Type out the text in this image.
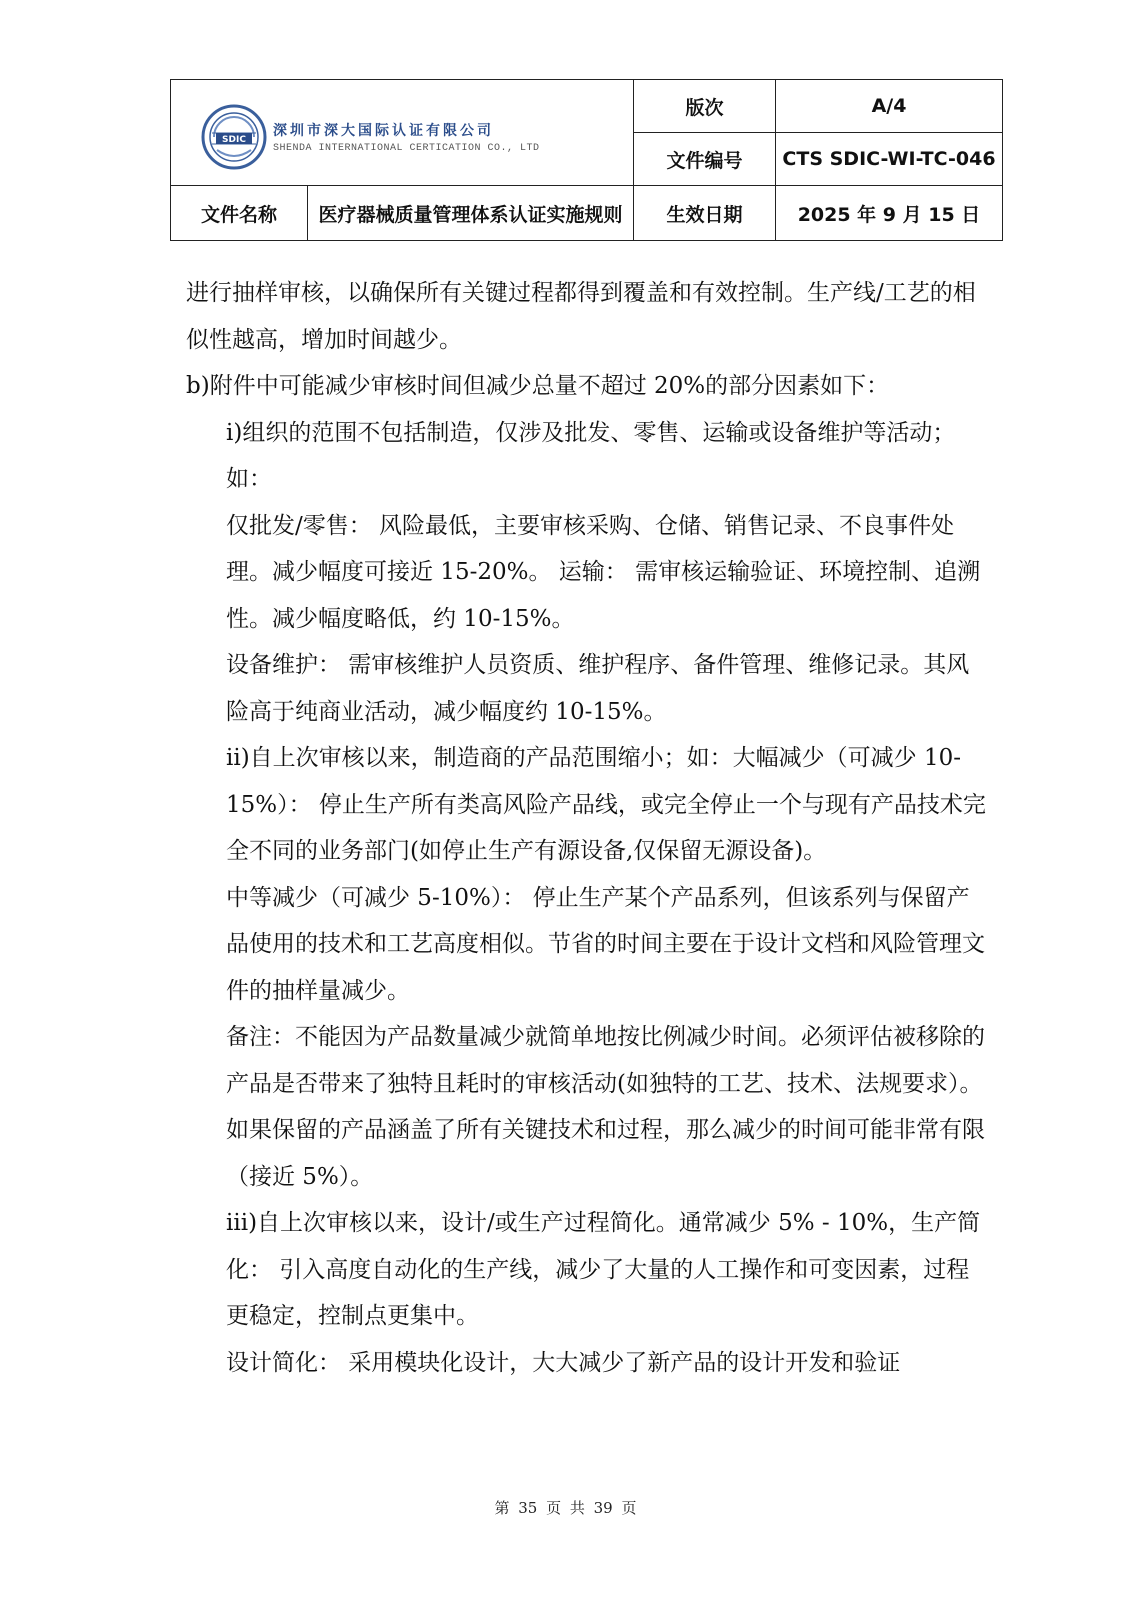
SDIC
深圳市深大国际认证有限公司
SHENDA INTERNATIONAL CERTICATION CO., LTD		版次	A/4
		文件编号	CTS SDIC-WI-TC-046
文件名称	医疗器械质量管理体系认证实施规则	生效日期	2025 年 9 月 15 日

进行抽样审核，以确保所有关键过程都得到覆盖和有效控制。生产线/工艺的相似性越高，增加时间越少。

b)附件中可能减少审核时间但减少总量不超过 20%的部分因素如下：

i)组织的范围不包括制造，仅涉及批发、零售、运输或设备维护等活动；

如：

仅批发/零售： 风险最低，主要审核采购、仓储、销售记录、不良事件处理。减少幅度可接近 15-20%。 运输： 需审核运输验证、环境控制、追溯性。减少幅度略低，约 10-15%。

设备维护： 需审核维护人员资质、维护程序、备件管理、维修记录。其风险高于纯商业活动，减少幅度约 10-15%。

ii)自上次审核以来，制造商的产品范围缩小；如：大幅减少（可减少 10-15%）： 停止生产所有类高风险产品线，或完全停止一个与现有产品技术完全不同的业务部门(如停止生产有源设备,仅保留无源设备)。

中等减少（可减少 5-10%）： 停止生产某个产品系列，但该系列与保留产品使用的技术和工艺高度相似。节省的时间主要在于设计文档和风险管理文件的抽样量减少。

备注：不能因为产品数量减少就简单地按比例减少时间。必须评估被移除的产品是否带来了独特且耗时的审核活动(如独特的工艺、技术、法规要求）。如果保留的产品涵盖了所有关键技术和过程，那么减少的时间可能非常有限（接近 5%）。

iii)自上次审核以来，设计/或生产过程简化。通常减少 5% - 10%，生产简化： 引入高度自动化的生产线，减少了大量的人工操作和可变因素，过程更稳定，控制点更集中。

设计简化： 采用模块化设计，大大减少了新产品的设计开发和验证

第 35 页 共 39 页
